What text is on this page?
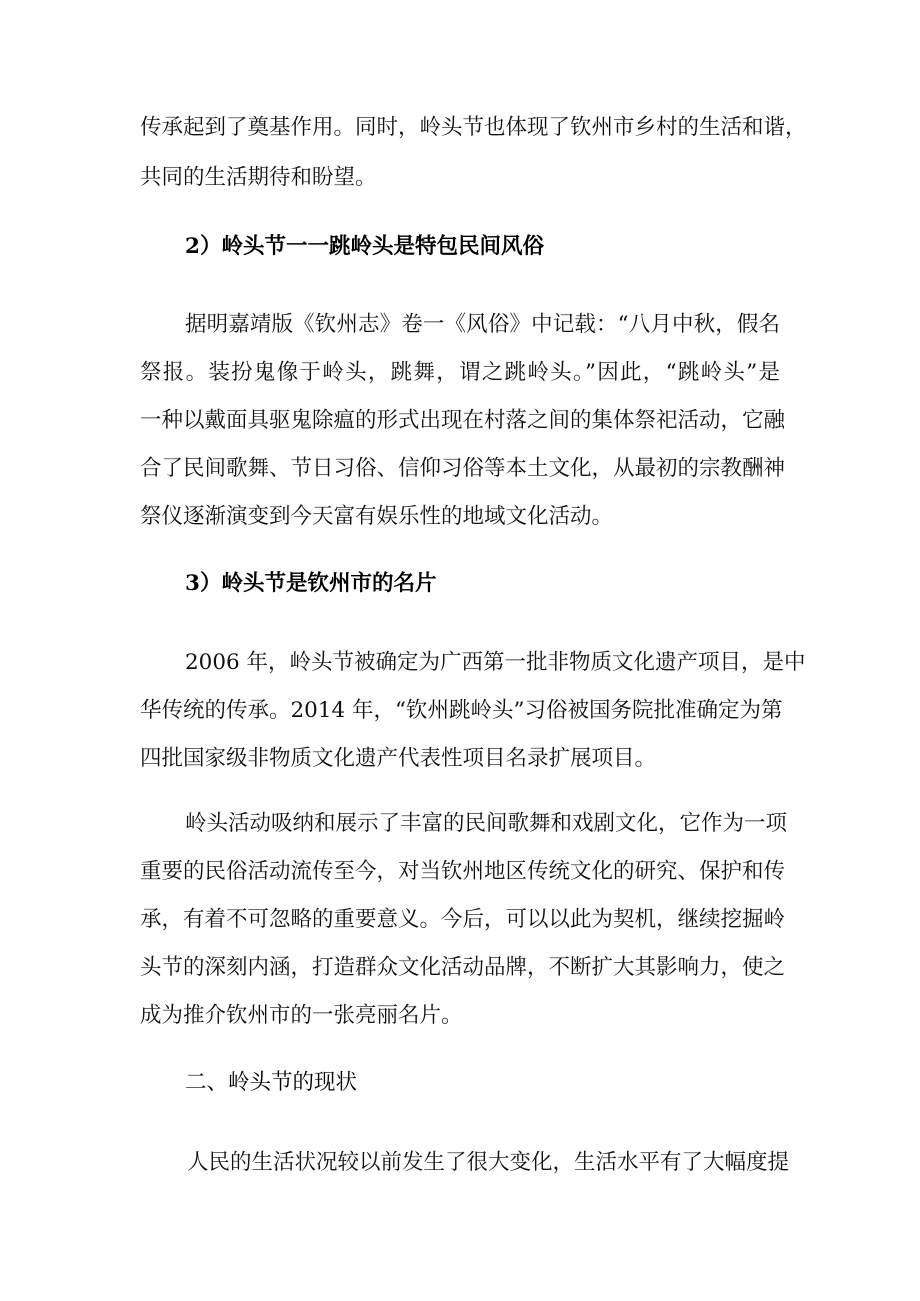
传承起到了奠基作用。同时，岭头节也体现了钦州市乡村的生活和谐，
共同的生活期待和盼望。
2）岭头节一一跳岭头是特包民间风俗
据明嘉靖版《钦州志》卷一《风俗》中记载：“八月中秋，假名
祭报。装扮鬼像于岭头，跳舞，谓之跳岭头。”因此，“跳岭头”是
一种以戴面具驱鬼除瘟的形式出现在村落之间的集体祭祀活动，它融
合了民间歌舞、节日习俗、信仰习俗等本土文化，从最初的宗教酬神
祭仪逐渐演变到今天富有娱乐性的地域文化活动。
3）岭头节是钦州市的名片
2006 年，岭头节被确定为广西第一批非物质文化遗产项目，是中
华传统的传承。2014 年，“钦州跳岭头”习俗被国务院批准确定为第
四批国家级非物质文化遗产代表性项目名录扩展项目。
岭头活动吸纳和展示了丰富的民间歌舞和戏剧文化，它作为一项
重要的民俗活动流传至今，对当钦州地区传统文化的研究、保护和传
承，有着不可忽略的重要意义。今后，可以以此为契机，继续挖掘岭
头节的深刻内涵，打造群众文化活动品牌，不断扩大其影响力，使之
成为推介钦州市的一张亮丽名片。
二、岭头节的现状
人民的生活状况较以前发生了很大变化，生活水平有了大幅度提
